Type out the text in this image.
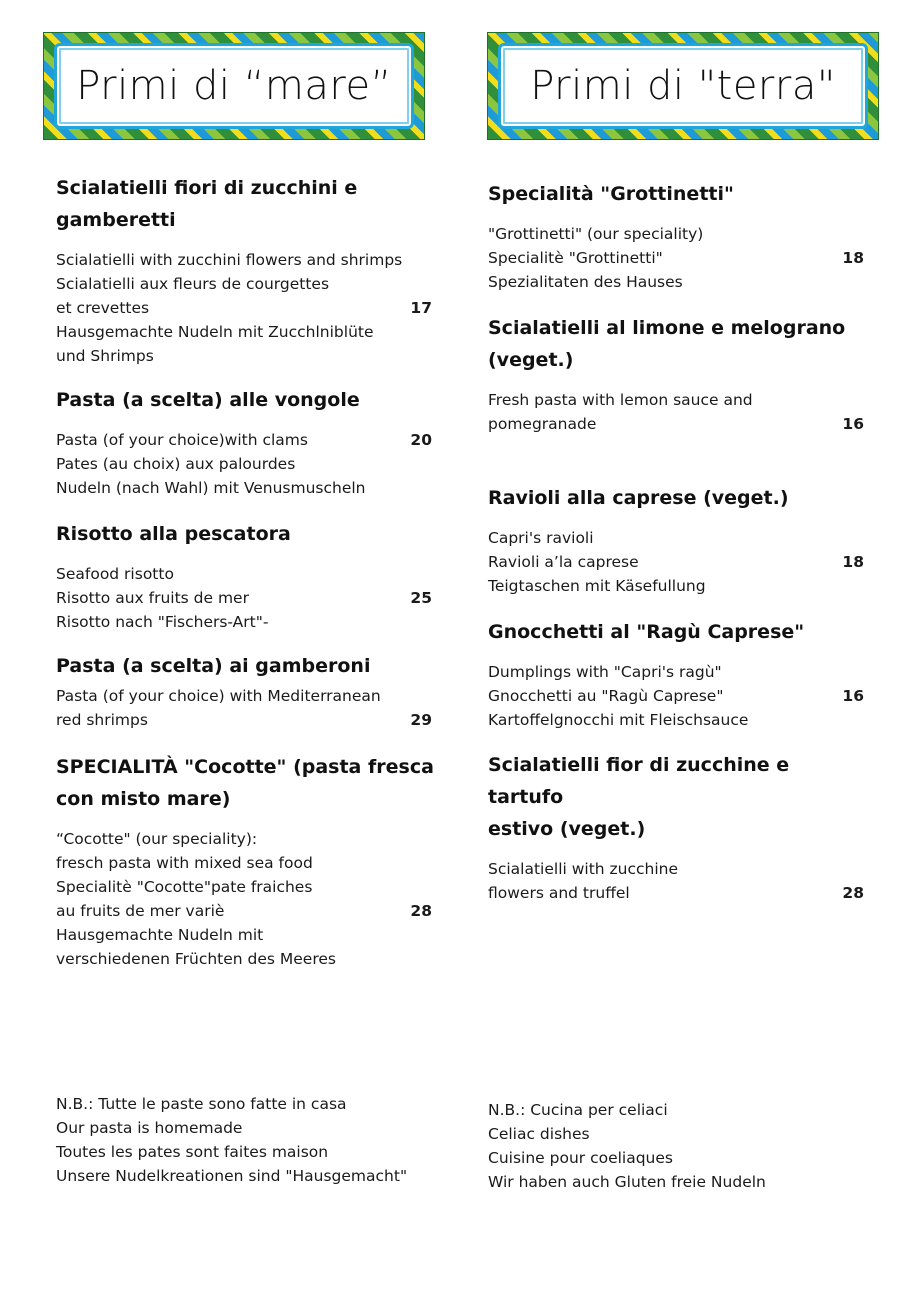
Primi di “mare”	Primi di "terra"
Scialatielli fiori di zucchini e
gamberetti
Scialatielli with zucchini flowers and shrimps
Scialatielli aux fleurs de courgettes
et crevettes	17
Hausgemachte Nudeln mit Zucchlniblüte
und Shrimps
Pasta (a scelta) alle vongole
Pasta (of your choice)with clams	20
Pates (au choix) aux palourdes
Nudeln (nach Wahl) mit Venusmuscheln
Risotto alla pescatora
Seafood risotto
Risotto aux fruits de mer	25
Risotto nach "Fischers-Art"-
Pasta (a scelta) ai gamberoni
Pasta (of your choice) with Mediterranean
red shrimps	29
SPECIALITÀ "Cocotte" (pasta fresca
con misto mare)
“Cocotte" (our speciality):
fresch pasta with mixed sea food
Specialitè "Cocotte"pate fraiches
au fruits de mer variè	28
Hausgemachte Nudeln mit
verschiedenen Früchten des Meeres
N.B.: Tutte le paste sono fatte in casa
Our pasta is homemade
Toutes les pates sont faites maison
Unsere Nudelkreationen sind "Hausgemacht"
Specialità "Grottinetti"
"Grottinetti" (our speciality)
Specialitè "Grottinetti"	18
Spezialitaten des Hauses
Scialatielli al limone e melograno
(veget.)
Fresh pasta with lemon sauce and
pomegranade	16
Ravioli alla caprese (veget.)
Capri's ravioli
Ravioli a’la caprese	18
Teigtaschen mit Käsefullung
Gnocchetti al "Ragù Caprese"
Dumplings with "Capri's ragù"
Gnocchetti au "Ragù Caprese"	16
Kartoffelgnocchi mit Fleischsauce
Scialatielli fior di zucchine e tartufo
estivo (veget.)
Scialatielli with zucchine
flowers and truffel	28
N.B.: Cucina per celiaci
Celiac dishes
Cuisine pour coeliaques
Wir haben auch Gluten freie Nudeln
